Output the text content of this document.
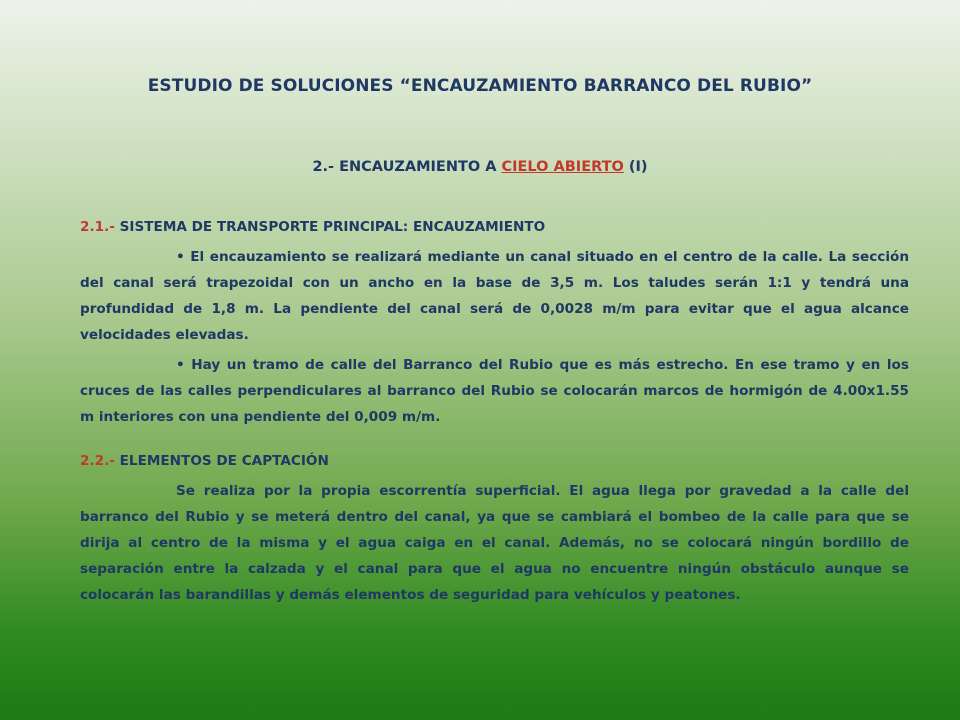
ESTUDIO DE SOLUCIONES “ENCAUZAMIENTO BARRANCO DEL RUBIO”
2.- ENCAUZAMIENTO A CIELO ABIERTO (I)

2.1.- SISTEMA DE TRANSPORTE PRINCIPAL: ENCAUZAMIENTO

• El encauzamiento se realizará mediante un canal situado en el centro de la calle. La sección del canal será trapezoidal con un ancho en la base de 3,5 m. Los taludes serán 1:1 y tendrá una profundidad de 1,8 m. La pendiente del canal será de 0,0028 m/m para evitar que el agua alcance velocidades elevadas.

• Hay un tramo de calle del Barranco del Rubio que es más estrecho. En ese tramo y en los cruces de las calles perpendiculares al barranco del Rubio se colocarán marcos de hormigón de 4.00x1.55 m interiores con una pendiente del 0,009 m/m.

2.2.- ELEMENTOS DE CAPTACIÓN

Se realiza por la propia escorrentía superficial. El agua llega por gravedad a la calle del barranco del Rubio y se meterá dentro del canal, ya que se cambiará el bombeo de la calle para que se dirija al centro de la misma y el agua caiga en el canal. Además, no se colocará ningún bordillo de separación entre la calzada y el canal para que el agua no encuentre ningún obstáculo aunque se colocarán las barandillas y demás elementos de seguridad para vehículos y peatones.
